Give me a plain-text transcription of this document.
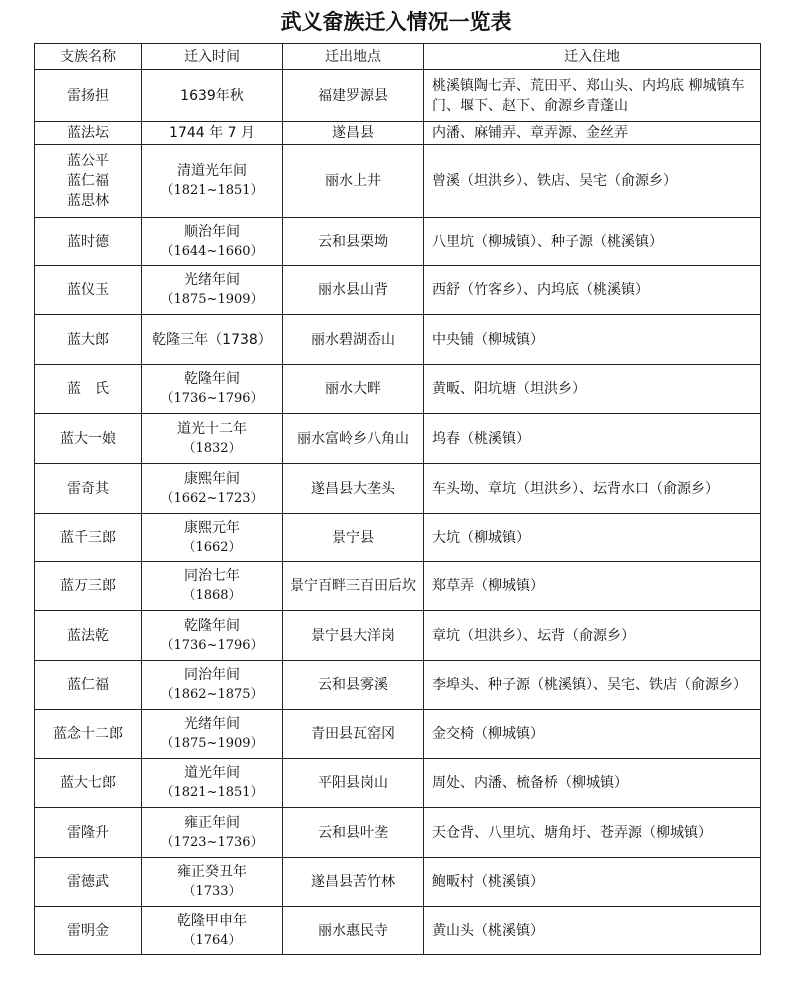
武义畲族迁入情况一览表
支族名称	迁入时间	迁出地点	迁入住地

雷扬担	1639年秋	福建罗源县	桃溪镇陶七弄、荒田平、郑山头、内坞底 柳城镇车门、堰下、赵下、俞源乡青蓬山

蓝法坛	1744 年 7 月	遂昌县	内潘、麻铺弄、章弄源、金丝弄

蓝公平
蓝仁福
蓝思林	清道光年间
（1821~1851）	丽水上井	曾溪（坦洪乡）、铁店、吴宅（俞源乡）

蓝时德	顺治年间
（1644~1660）	云和县栗坳	八里坑（柳城镇）、种子源（桃溪镇）

蓝仪玉	光绪年间
（1875~1909）	丽水县山背	西舒（竹客乡）、内坞底（桃溪镇）

蓝大郎	乾隆三年（1738）	丽水碧湖岙山	中央铺（柳城镇）

蓝　氏	乾隆年间
（1736~1796）	丽水大畔	黄畈、阳坑塘（坦洪乡）

蓝大一娘	道光十二年
（1832）	丽水富岭乡八角山	坞春（桃溪镇）

雷奇其	康熙年间
（1662~1723）	遂昌县大垄头	车头坳、章坑（坦洪乡）、坛背水口（俞源乡）

蓝千三郎	康熙元年
（1662）	景宁县	大坑（柳城镇）

蓝万三郎	同治七年
（1868）	景宁百畔三百田后坎	郑草弄（柳城镇）

蓝法乾	乾隆年间
（1736~1796）	景宁县大洋岗	章坑（坦洪乡）、坛背（俞源乡）

蓝仁福	同治年间
（1862~1875）	云和县雾溪	李埠头、种子源（桃溪镇）、吴宅、铁店（俞源乡）

蓝念十二郎	光绪年间
（1875~1909）	青田县瓦窑冈	金交椅（柳城镇）

蓝大七郎	道光年间
（1821~1851）	平阳县岗山	周处、内潘、梳备桥（柳城镇）

雷隆升	雍正年间
（1723~1736）	云和县叶垄	天仓背、八里坑、塘角圩、苍弄源（柳城镇）

雷德武	雍正癸丑年
（1733）	遂昌县苦竹林	鲍畈村（桃溪镇）

雷明金	乾隆甲申年
（1764）	丽水惠民寺	黄山头（桃溪镇）
